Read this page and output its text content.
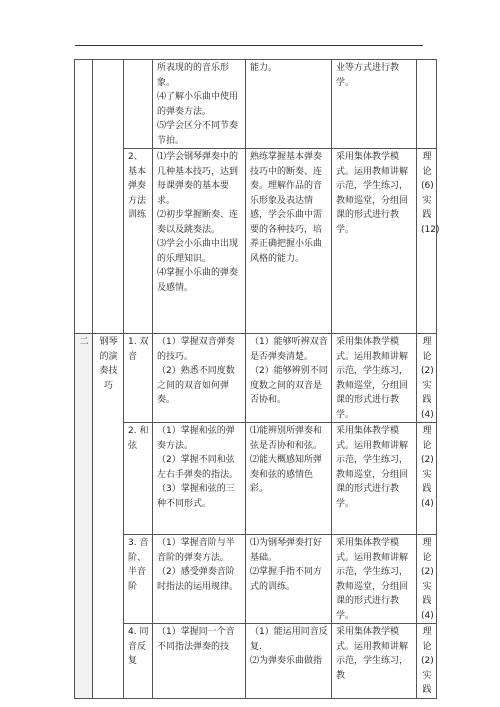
			所表现的的音乐形象。
⑷了解小乐曲中使用的弹奏方法。
⑸学会区分不同节奏节拍。	能力。	业等方式进行教学。	

		2、基本弹奏方法训练	⑴学会钢琴弹奏中的几种基本技巧，达到每课弹奏的基本要求。
⑵初步掌握断奏、连奏以及跳奏法。
⑶学会小乐曲中出现的乐理知识。
⑷掌握小乐曲的弹奏及感情。	熟练掌握基本弹奏技巧中的断奏、连奏。理解作品的音乐形象及表达情感，学会乐曲中需要的各种技巧，培养正确把握小乐曲风格的能力。	采用集体教学模式。运用教师讲解示范，学生练习，教师巡堂，分组回课的形式进行教学。	理 论
(6)
实 践
(12)

二	钢琴的演奏技巧	1. 双音	（1）掌握双音弹奏的技巧。
（2）熟悉不同度数之间的双音如何弹奏。	（1）能够听辨双音是否弹奏清楚。
（2）能够辨别不同度数之间的双音是否协和。	采用集体教学模式。运用教师讲解示范，学生练习，教师巡堂，分组回课的形式进行教学。	理 论
(2)
实 践
(4)

		2. 和弦	（1）掌握和弦的弹奏方法。
（2）掌握不同和弦左右手弹奏的指法。
（3）掌握和弦的三种不同形式。	⑴能辨别所弹奏和弦是否协和和弦。
⑵能大概感知所弹奏和弦的感情色彩。	采用集体教学模式。运用教师讲解示范，学生练习，教师巡堂，分组回课的形式进行教学。	理 论
(2)
实 践
(4)

		3. 音阶、半音阶	（1）掌握音阶与半音阶的弹奏方法。
（2）感受弹奏音阶时指法的运用规律。	⑴为钢琴弹奏打好基础。
⑵掌握手指不同方式的训练。	采用集体教学模式。运用教师讲解示范，学生练习，教师巡堂，分组回课的形式进行教学。	理 论
(2)
实 践
(4)

		4. 同音反复	（1）掌握同一个音不同指法弹奏的技	（1）能运用同音反复.
⑵为弹奏乐曲做指	采用集体教学模式。运用教师讲解示范，学生练习，教	理 论
(2)
实 践
